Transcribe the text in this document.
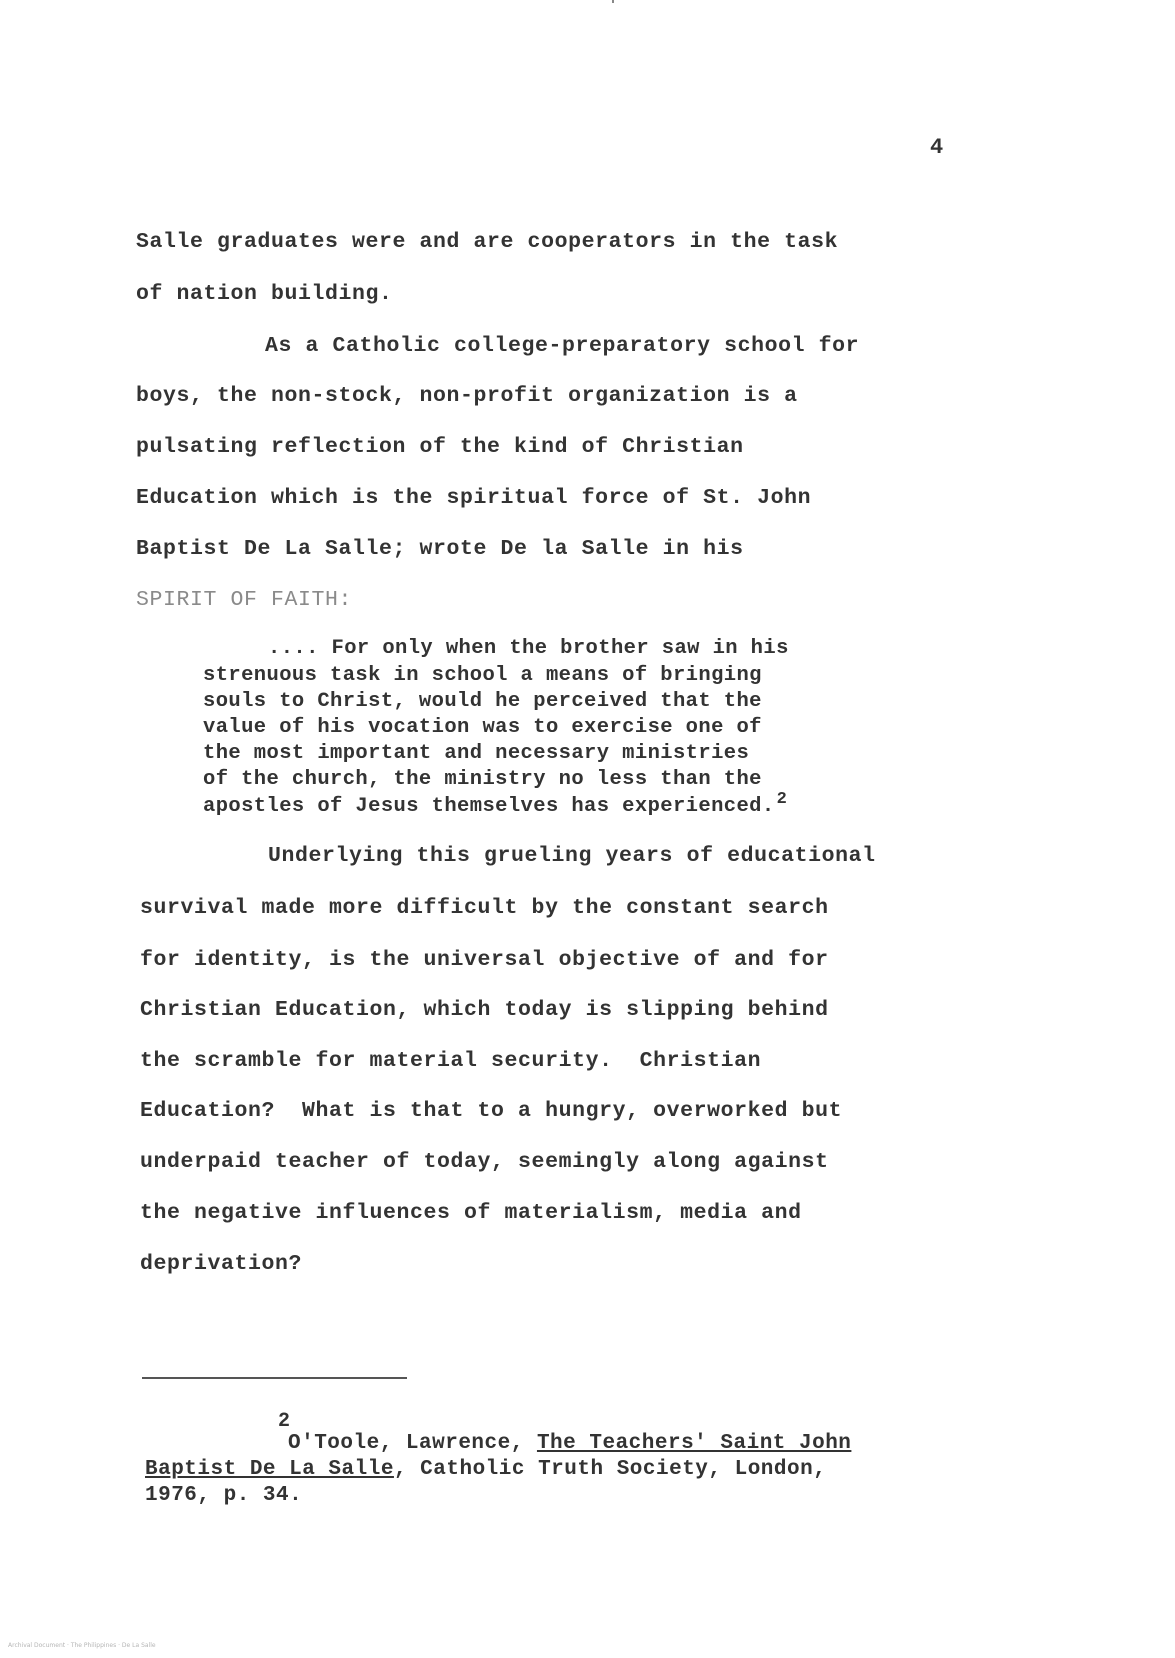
4
Salle graduates were and are cooperators in the task
of nation building.
As a Catholic college-preparatory school for
boys, the non-stock, non-profit organization is a
pulsating reflection of the kind of Christian
Education which is the spiritual force of St. John
Baptist De La Salle; wrote De la Salle in his
SPIRIT OF FAITH:
.... For only when the brother saw in his
strenuous task in school a means of bringing
souls to Christ, would he perceived that the
value of his vocation was to exercise one of
the most important and necessary ministries
of the church, the ministry no less than the
apostles of Jesus themselves has experienced. $^2$
Underlying this grueling years of educational
survival made more difficult by the constant search
for identity, is the universal objective of and for
Christian Education, which today is slipping behind
the scramble for material security.  Christian
Education?  What is that to a hungry, overworked but
underpaid teacher of today, seemingly along against
the negative influences of materialism, media and
deprivation?
2
O'Toole, Lawrence, The Teachers' Saint John
Baptist De La Salle, Catholic Truth Society, London,
1976, p. 34.
Archival Document · The Philippines · De La Salle
